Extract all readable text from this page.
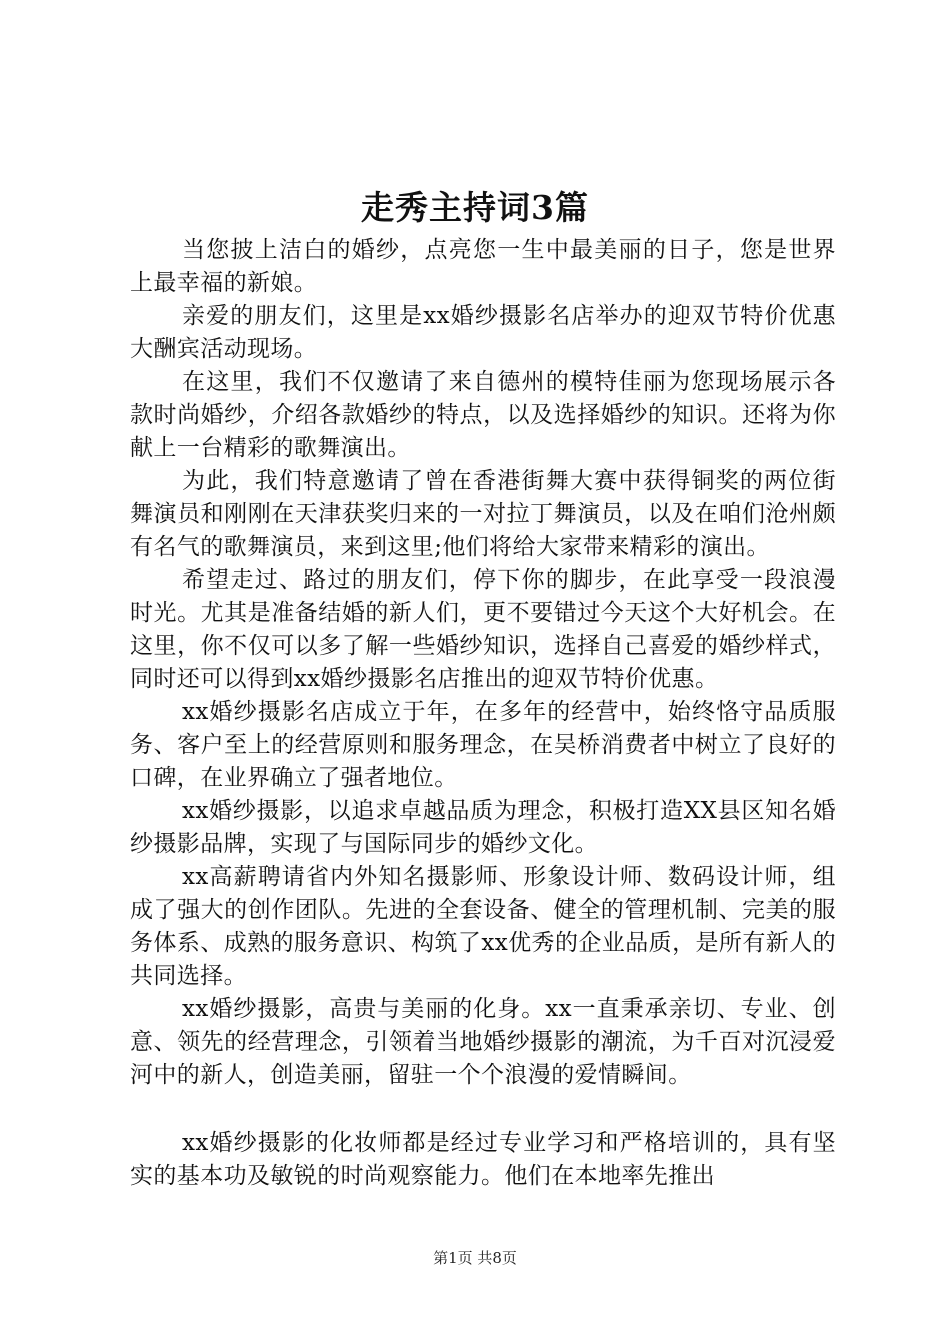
走秀主持词3篇

当您披上洁白的婚纱，点亮您一生中最美丽的日子，您是世界上最幸福的新娘。

亲爱的朋友们，这里是xx婚纱摄影名店举办的迎双节特价优惠大酬宾活动现场。

在这里，我们不仅邀请了来自德州的模特佳丽为您现场展示各款时尚婚纱，介绍各款婚纱的特点，以及选择婚纱的知识。还将为你献上一台精彩的歌舞演出。

为此，我们特意邀请了曾在香港街舞大赛中获得铜奖的两位街舞演员和刚刚在天津获奖归来的一对拉丁舞演员，以及在咱们沧州颇有名气的歌舞演员，来到这里;他们将给大家带来精彩的演出。

希望走过、路过的朋友们，停下你的脚步，在此享受一段浪漫时光。尤其是准备结婚的新人们，更不要错过今天这个大好机会。在这里，你不仅可以多了解一些婚纱知识，选择自己喜爱的婚纱样式，同时还可以得到xx婚纱摄影名店推出的迎双节特价优惠。

xx婚纱摄影名店成立于年，在多年的经营中，始终恪守品质服务、客户至上的经营原则和服务理念，在吴桥消费者中树立了良好的口碑，在业界确立了强者地位。

xx婚纱摄影，以追求卓越品质为理念，积极打造XX县区知名婚纱摄影品牌，实现了与国际同步的婚纱文化。

xx高薪聘请省内外知名摄影师、形象设计师、数码设计师，组成了强大的创作团队。先进的全套设备、健全的管理机制、完美的服务体系、成熟的服务意识、构筑了xx优秀的企业品质，是所有新人的共同选择。

xx婚纱摄影，高贵与美丽的化身。xx一直秉承亲切、专业、创意、领先的经营理念，引领着当地婚纱摄影的潮流，为千百对沉浸爱河中的新人，创造美丽，留驻一个个浪漫的爱情瞬间。

xx婚纱摄影的化妆师都是经过专业学习和严格培训的，具有坚实的基本功及敏锐的时尚观察能力。他们在本地率先推出

第1页 共8页
